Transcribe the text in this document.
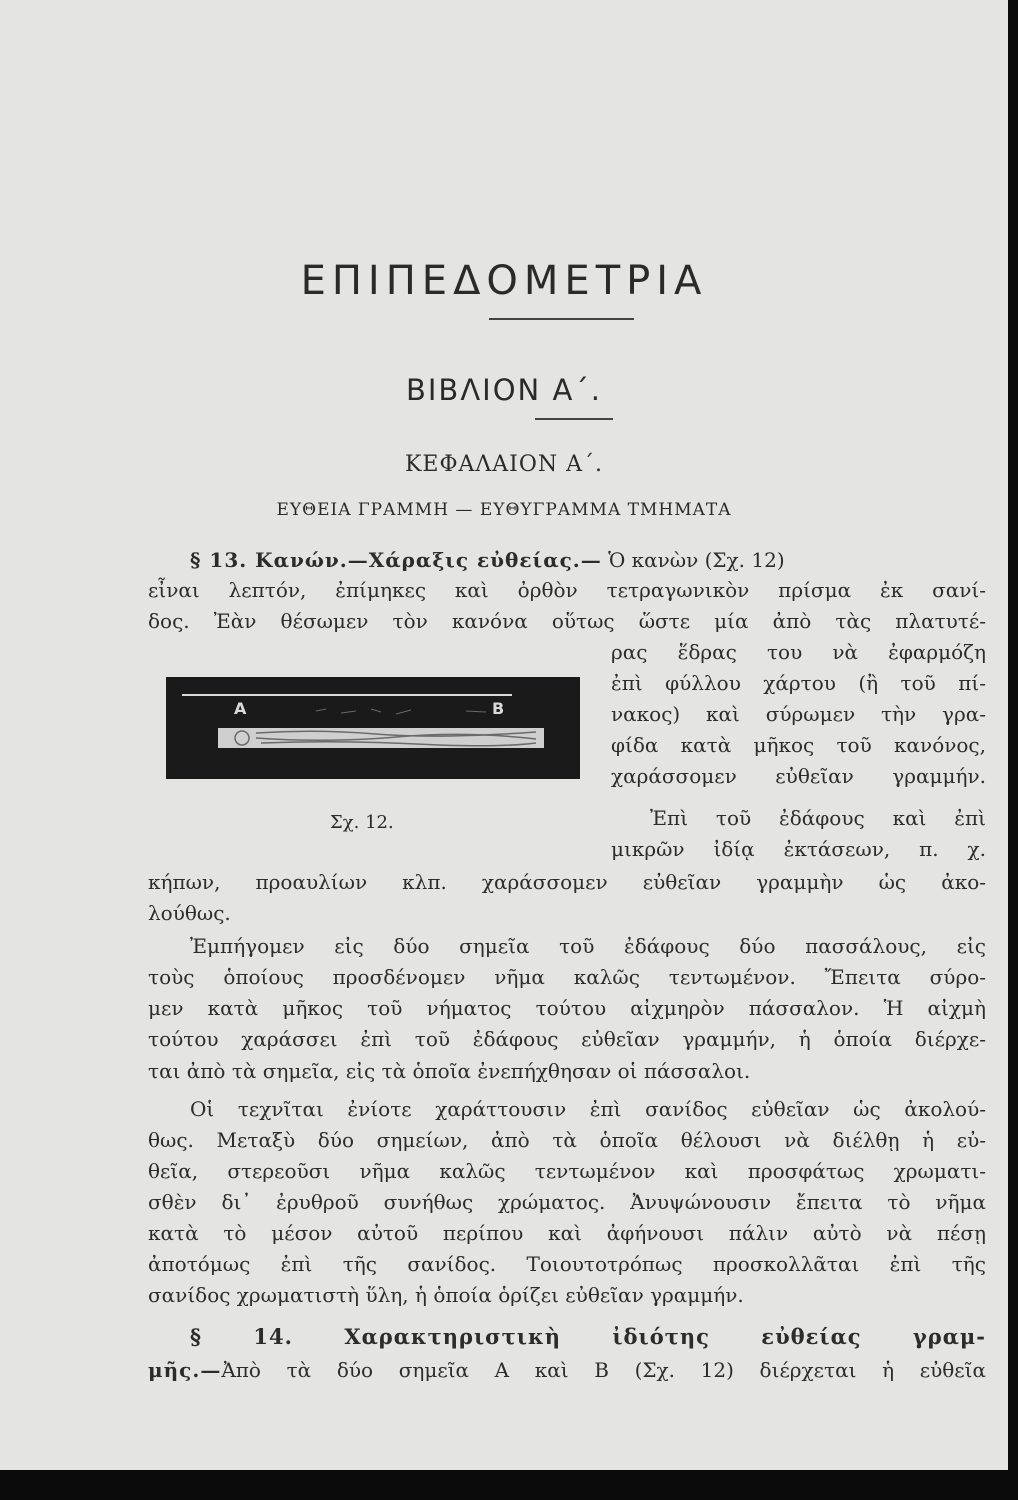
ΕΠΙΠΕΔΟΜΕΤΡΙΑ
ΒΙΒΛΙΟΝ Α΄.
ΚΕΦΑΛΑΙΟΝ Α΄.
ΕΥΘΕΙΑ ΓΡΑΜΜΗ — ΕΥΘΥΓΡΑΜΜΑ ΤΜΗΜΑΤΑ
§ 13. Κανών.—Χάραξις εὐθείας.— Ὁ κανὼν (Σχ. 12)
εἶναι λεπτόν, ἐπίμηκες καὶ ὀρθὸν τετραγωνικὸν πρίσμα ἐκ σανί-
δος. Ἐὰν θέσωμεν τὸν κανόνα οὕτως ὥστε μία ἀπὸ τὰς πλατυτέ-
A	B
ρας ἕδρας του νὰ ἐφαρμόζη
ἐπὶ φύλλου χάρτου (ἢ τοῦ πί-
νακος) καὶ σύρωμεν τὴν γρα-
φίδα κατὰ μῆκος τοῦ κανόνος,
χαράσσομεν εὐθεῖαν γραμμήν.
Σχ. 12.	Ἐπὶ τοῦ ἐδάφους καὶ ἐπὶ
μικρῶν ἰδίᾳ ἐκτάσεων, π. χ.
κήπων, προαυλίων κλπ. χαράσσομεν εὐθεῖαν γραμμὴν ὡς ἀκο-
λούθως.
Ἐμπήγομεν εἰς δύο σημεῖα τοῦ ἐδάφους δύο πασσάλους, εἰς
τοὺς ὁποίους προσδένομεν νῆμα καλῶς τεντωμένον. Ἔπειτα σύρο-
μεν κατὰ μῆκος τοῦ νήματος τούτου αἰχμηρὸν πάσσαλον. Ἡ αἰχμὴ
τούτου χαράσσει ἐπὶ τοῦ ἐδάφους εὐθεῖαν γραμμήν, ἡ ὁποία διέρχε-
ται ἀπὸ τὰ σημεῖα, εἰς τὰ ὁποῖα ἐνεπήχθησαν οἱ πάσσαλοι.
Οἱ τεχνῖται ἐνίοτε χαράττουσιν ἐπὶ σανίδος εὐθεῖαν ὡς ἀκολού-
θως. Μεταξὺ δύο σημείων, ἀπὸ τὰ ὁποῖα θέλουσι νὰ διέλθῃ ἡ εὐ-
θεῖα, στερεοῦσι νῆμα καλῶς τεντωμένον καὶ προσφάτως χρωματι-
σθὲν δι᾽ ἐρυθροῦ συνήθως χρώματος. Ἀνυψώνουσιν ἔπειτα τὸ νῆμα
κατὰ τὸ μέσον αὐτοῦ περίπου καὶ ἀφήνουσι πάλιν αὐτὸ νὰ πέσῃ
ἀποτόμως ἐπὶ τῆς σανίδος. Τοιουτοτρόπως προσκολλᾶται ἐπὶ τῆς
σανίδος χρωματιστὴ ὕλη, ἡ ὁποία ὁρίζει εὐθεῖαν γραμμήν.
§ 14. Χαρακτηριστικὴ ἰδιότης εὐθείας γραμ-
μῆς.—Ἀπὸ τὰ δύο σημεῖα Α καὶ Β (Σχ. 12) διέρχεται ἡ εὐθεῖα
